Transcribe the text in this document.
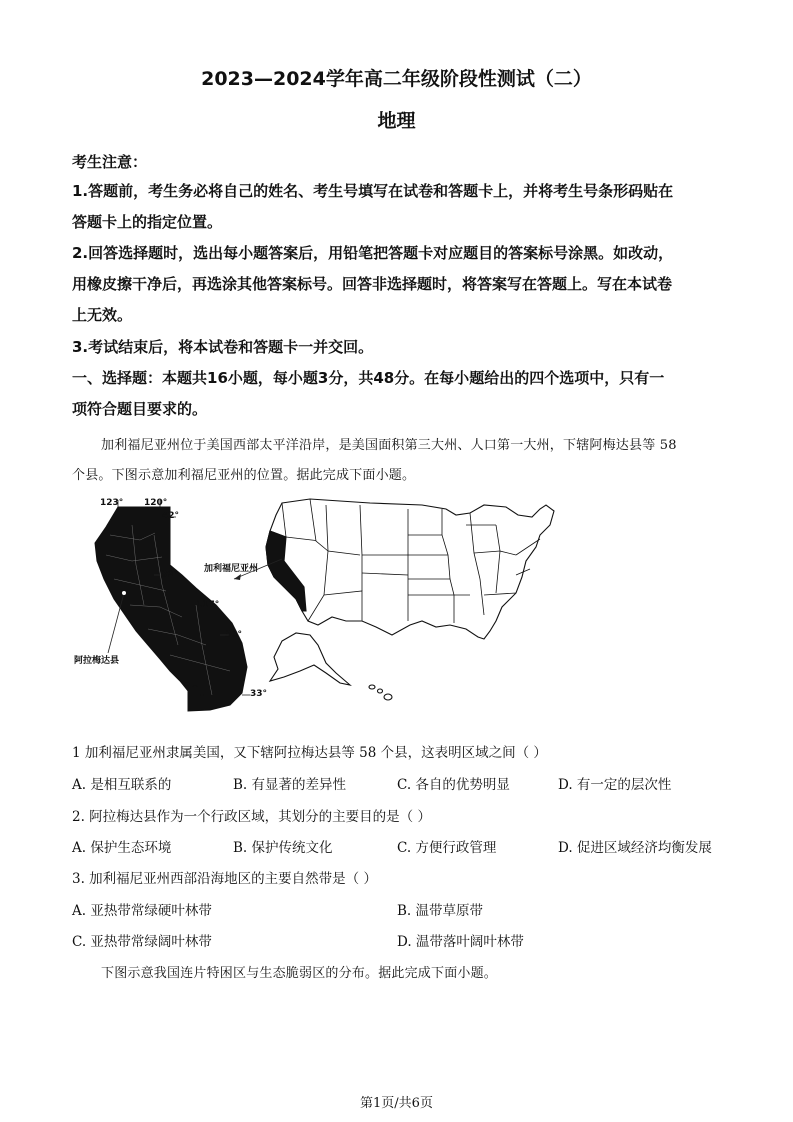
2023—2024学年高二年级阶段性测试（二）
地理
考生注意：
1.答题前，考生务必将自己的姓名、考生号填写在试卷和答题卡上，并将考生号条形码贴在
答题卡上的指定位置。
2.回答选择题时，选出每小题答案后，用铅笔把答题卡对应题目的答案标号涂黑。如改动，
用橡皮擦干净后，再选涂其他答案标号。回答非选择题时，将答案写在答题上。写在本试卷
上无效。
3.考试结束后，将本试卷和答题卡一并交回。
一、选择题：本题共16小题，每小题3分，共48分。在每小题给出的四个选项中，只有一
项符合题目要求的。
加利福尼亚州位于美国西部太平洋沿岸，是美国面积第三大州、人口第一大州，下辖阿梅达县等 58
个县。下图示意加利福尼亚州的位置。据此完成下面小题。
123° 120°
42°
39°
117°
36°
33°
加利福尼亚州
阿拉梅达县
1 加利福尼亚州隶属美国，又下辖阿拉梅达县等 58 个县，这表明区域之间（ ）
A. 是相互联系的	B. 有显著的差异性	C. 各自的优势明显	D. 有一定的层次性
2. 阿拉梅达县作为一个行政区域，其划分的主要目的是（ ）
A. 保护生态环境	B. 保护传统文化	C. 方便行政管理	D. 促进区域经济均衡发展
3. 加利福尼亚州西部沿海地区的主要自然带是（ ）
A. 亚热带常绿硬叶林带	B. 温带草原带
C. 亚热带常绿阔叶林带	D. 温带落叶阔叶林带
下图示意我国连片特困区与生态脆弱区的分布。据此完成下面小题。
第1页/共6页
